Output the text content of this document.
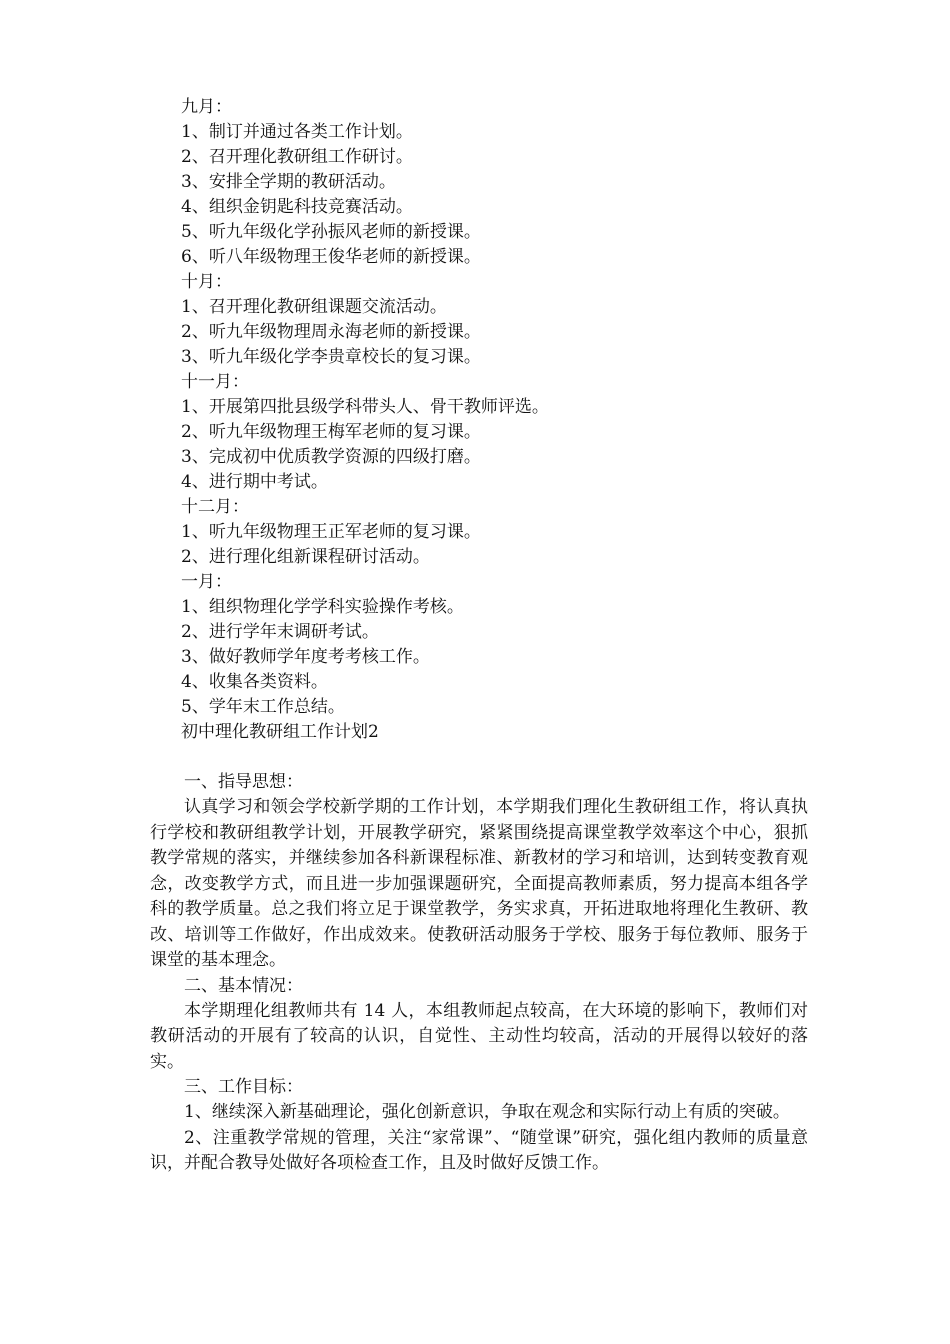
九月：

1、制订并通过各类工作计划。

2、召开理化教研组工作研讨。

3、安排全学期的教研活动。

4、组织金钥匙科技竞赛活动。

5、听九年级化学孙振风老师的新授课。

6、听八年级物理王俊华老师的新授课。

十月：

1、召开理化教研组课题交流活动。

2、听九年级物理周永海老师的新授课。

3、听九年级化学李贵章校长的复习课。

十一月：

1、开展第四批县级学科带头人、骨干教师评选。

2、听九年级物理王梅军老师的复习课。

3、完成初中优质教学资源的四级打磨。

4、进行期中考试。

十二月：

1、听九年级物理王正军老师的复习课。

2、进行理化组新课程研讨活动。

一月：

1、组织物理化学学科实验操作考核。

2、进行学年末调研考试。

3、做好教师学年度考考核工作。

4、收集各类资料。

5、学年末工作总结。

初中理化教研组工作计划2

一、指导思想：

认真学习和领会学校新学期的工作计划，本学期我们理化生教研组工作，将认真执行学校和教研组教学计划，开展教学研究，紧紧围绕提高课堂教学效率这个中心，狠抓教学常规的落实，并继续参加各科新课程标准、新教材的学习和培训，达到转变教育观念，改变教学方式，而且进一步加强课题研究，全面提高教师素质，努力提高本组各学科的教学质量。总之我们将立足于课堂教学，务实求真，开拓进取地将理化生教研、教改、培训等工作做好，作出成效来。使教研活动服务于学校、服务于每位教师、服务于课堂的基本理念。

二、基本情况：

本学期理化组教师共有 14 人，本组教师起点较高，在大环境的影响下，教师们对教研活动的开展有了较高的认识，自觉性、主动性均较高，活动的开展得以较好的落实。

三、工作目标：

1、继续深入新基础理论，强化创新意识，争取在观念和实际行动上有质的突破。

2、注重教学常规的管理，关注“家常课”、“随堂课”研究，强化组内教师的质量意识，并配合教导处做好各项检查工作，且及时做好反馈工作。
